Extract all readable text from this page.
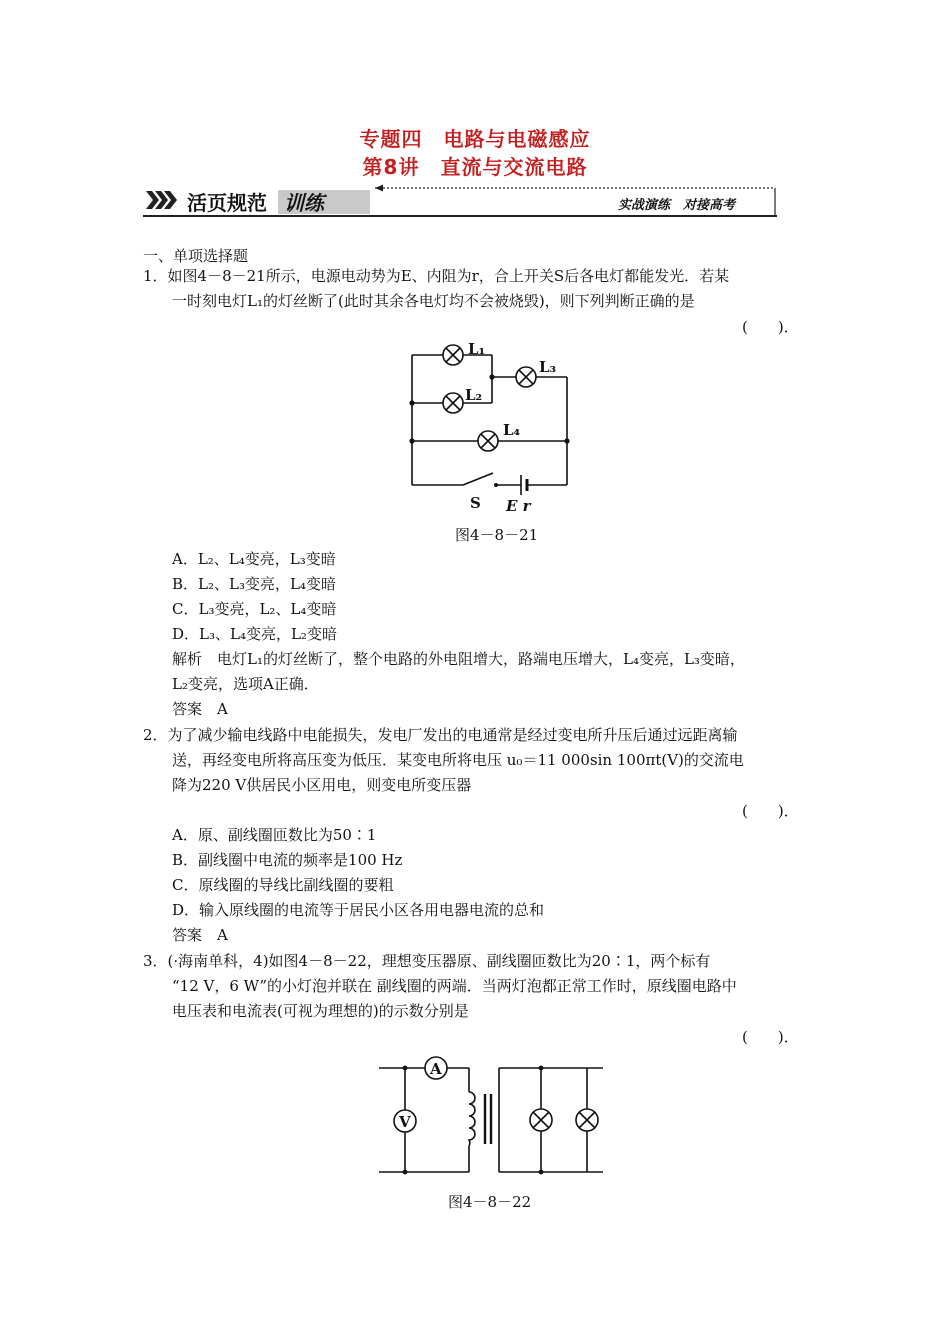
专题四　电路与电磁感应
第8讲　直流与交流电路
活页规范 训练	实战演练　对接高考
一、单项选择题
1．如图4－8－21所示，电源电动势为E、内阻为r，合上开关S后各电灯都能发光．若某
一时刻电灯L₁的灯丝断了(此时其余各电灯均不会被烧毁)，则下列判断正确的是
(　　)．
L₁
L₂
L₃
L₄
S E r
图4－8－21
A．L₂、L₄变亮，L₃变暗
B．L₂、L₃变亮，L₄变暗
C．L₃变亮，L₂、L₄变暗
D．L₃、L₄变亮，L₂变暗
解析　电灯L₁的灯丝断了，整个电路的外电阻增大，路端电压增大，L₄变亮，L₃变暗，
L₂变亮，选项A正确．
答案　A
2．为了减少输电线路中电能损失，发电厂发出的电通常是经过变电所升压后通过远距离输
送，再经变电所将高压变为低压．某变电所将电压 u₀＝11 000sin 100πt(V)的交流电
降为220 V供居民小区用电，则变电所变压器
(　　)．
A．原、副线圈匝数比为50∶1
B．副线圈中电流的频率是100 Hz
C．原线圈的导线比副线圈的要粗
D．输入原线圈的电流等于居民小区各用电器电流的总和
答案　A
3．(·海南单科，4)如图4－8－22，理想变压器原、副线圈匝数比为20∶1，两个标有
“12 V，6 W”的小灯泡并联在 副线圈的两端．当两灯泡都正常工作时，原线圈电路中
电压表和电流表(可视为理想的)的示数分别是
(　　)．
A
V
图4－8－22
